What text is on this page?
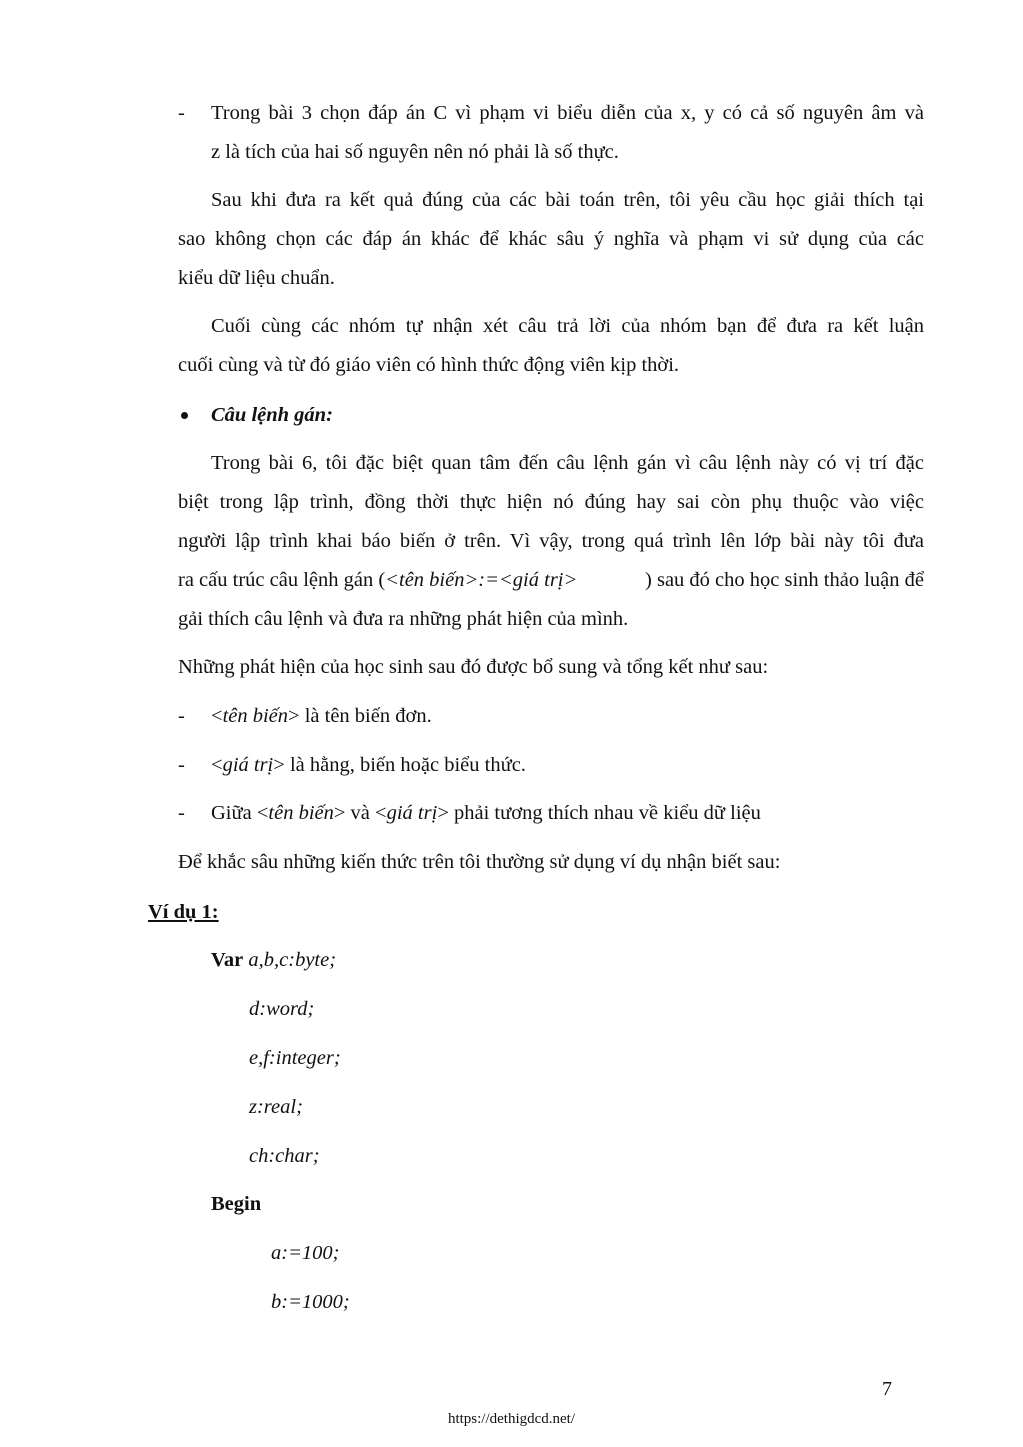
- Trong bài 3 chọn đáp án C vì phạm vi biểu diễn của x, y có cả số nguyên âm và
z là tích của hai số nguyên nên nó phải là số thực.
Sau khi đưa ra kết quả đúng của các bài toán trên, tôi yêu cầu học giải thích tại
sao không chọn các đáp án khác để khác sâu ý nghĩa và phạm vi sử dụng của các
kiểu dữ liệu chuẩn.
Cuối cùng các nhóm tự nhận xét câu trả lời của nhóm bạn để đưa ra kết luận
cuối cùng và từ đó giáo viên có hình thức động viên kịp thời.
Câu lệnh gán:
Trong bài 6, tôi đặc biệt quan tâm đến câu lệnh gán vì câu lệnh này có vị trí đặc
biệt trong lập trình, đồng thời thực hiện nó đúng hay sai còn phụ thuộc vào việc
người lập trình khai báo biến ở trên. Vì vậy, trong quá trình lên lớp bài này tôi đưa
ra cấu trúc câu lệnh gán ( <tên biến>:=<giá trị>	) sau đó cho học sinh thảo luận để
gải thích câu lệnh và đưa ra những phát hiện của mình.
Những phát hiện của học sinh sau đó được bổ sung và tổng kết như sau:
- <tên biến> là tên biến đơn.
- <giá trị> là hằng, biến hoặc biểu thức.
- Giữa <tên biến> và <giá trị> phải tương thích nhau về kiểu dữ liệu
Để khắc sâu những kiến thức trên tôi thường sử dụng ví dụ nhận biết sau:
Ví dụ 1:
Var a,b,c:byte;
d:word;
e,f:integer;
z:real;
ch:char;
Begin
a:=100;
b:=1000;
7
https://dethigdcd.net/
